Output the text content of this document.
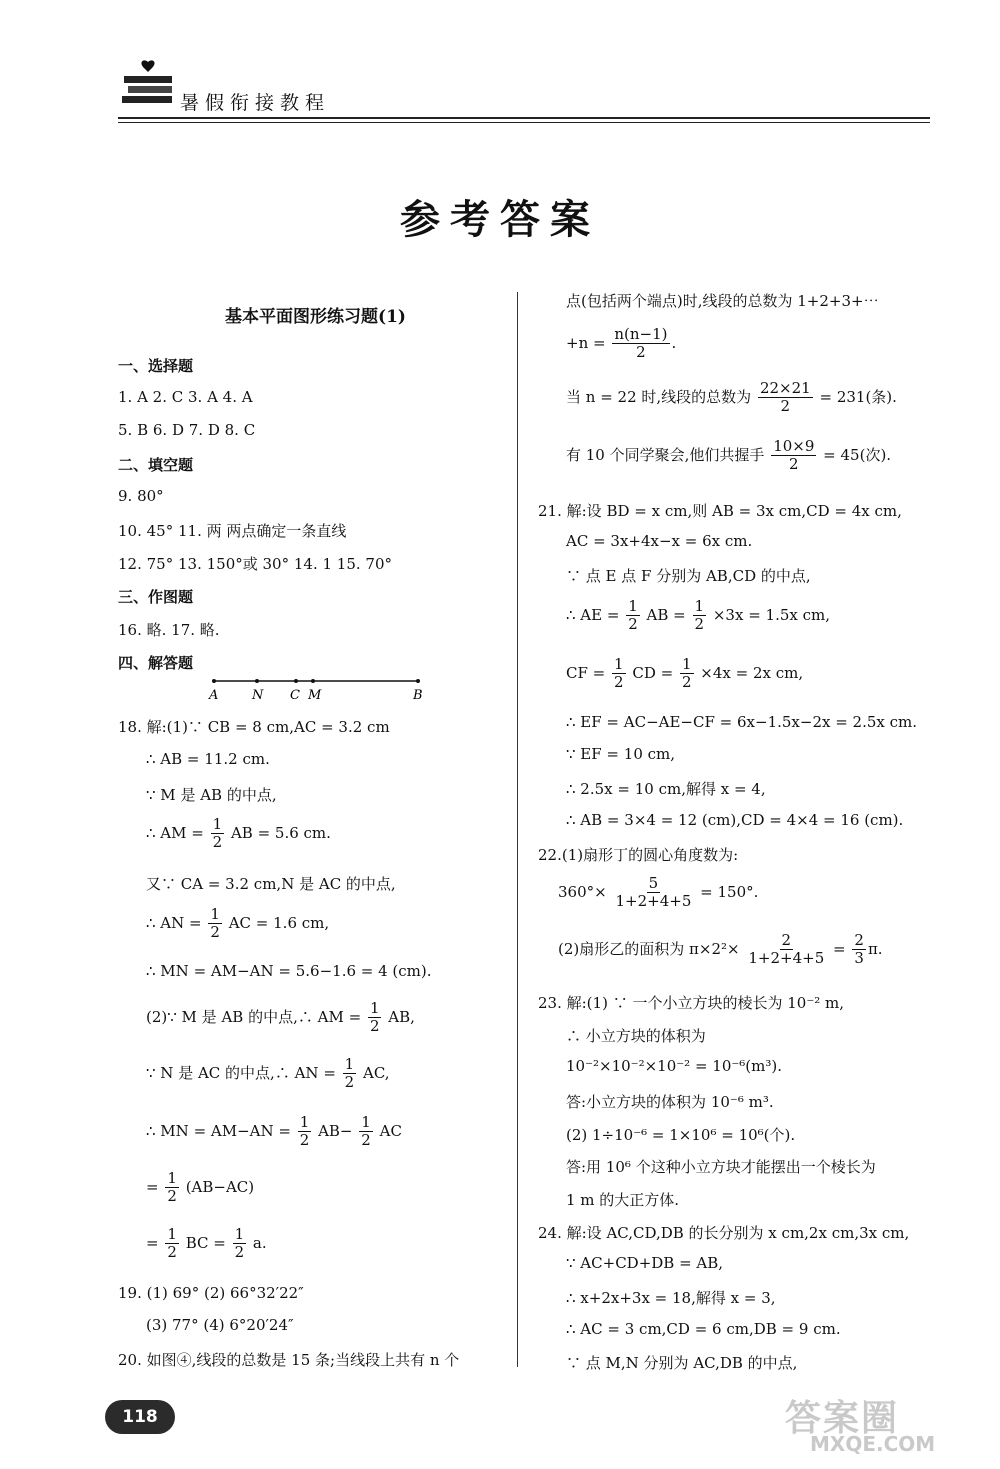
暑假衔接教程
参考答案
基本平面图形练习题(1)
一、选择题
1. A 2. C 3. A 4. A
5. B 6. D 7. D 8. C
二、填空题
9. 80°
10. 45° 11. 两 两点确定一条直线
12. 75° 13. 150°或 30° 14. 1 15. 70°
三、作图题
16. 略. 17. 略.
四、解答题
A	N C M	B
18. 解:(1)∵ CB = 8 cm,AC = 3.2 cm
∴ AB = 11.2 cm.
∵ M 是 AB 的中点,
∴ AM = $\frac{1}{2}$ AB = 5.6 cm.
又∵ CA = 3.2 cm,N 是 AC 的中点,
∴ AN = $\frac{1}{2}$ AC = 1.6 cm,
∴ MN = AM−AN = 5.6−1.6 = 4 (cm).
(2)∵ M 是 AB 的中点,∴ AM = $\frac{1}{2}$ AB,
∵ N 是 AC 的中点,∴ AN = $\frac{1}{2}$ AC,
∴ MN = $AM-AN = \frac{1}{2} AB- \frac{1}{2}$ AC
= $\frac{1}{2} (AB-AC)$
= $\frac{1}{2}$ BC = $\frac{1}{2} a$.
19. (1) 69° (2) 66°32′22″
(3) 77° (4) 6°20′24″
20. 如图④,线段的总数是 15 条;当线段上共有 n 个
点(包括两个端点)时,线段的总数为 1+2+3+⋯
$+n = \frac{n(n-1)}{2}$ .
当 n = 22 时,线段的总数为 $\frac{22\times 21}{2} = 231$(条).
有 10 个同学聚会,他们共握手 $\frac{10\times 9}{2} = 45$(次).
21. 解:设 BD = x cm,则 AB = 3x cm,CD = 4x cm,
AC = 3x+4x−x = 6x cm.
∵ 点 E 点 F 分别为 AB,CD 的中点,
∴ AE = $\frac{1}{2}$ AB = $\frac{1}{2} \times 3x = 1.5x$ cm,
CF = $\frac{1}{2}$ CD = $\frac{1}{2} \times 4x = 2x$ cm,
∴ EF = AC−AE−CF = 6x−1.5x−2x = 2.5x cm.
∵ EF = 10 cm,
∴ 2.5x = 10 cm,解得 x = 4,
∴ AB = 3×4 = 12 (cm),CD = 4×4 = 16 (cm).
22.(1)扇形丁的圆心角度数为:
$360^\circ\times \frac{5}{1+2+4+5} = 150^\circ$.
(2)扇形乙的面积为 $\pi\times 2^2\times \frac{2}{1+2+4+5} = \frac{2}{3} \pi$.
23. 解:(1) ∵ 一个小立方块的棱长为 10⁻² m,
∴ 小立方块的体积为
10⁻²×10⁻²×10⁻² = 10⁻⁶(m³).
答:小立方块的体积为 10⁻⁶ m³.
(2) 1÷10⁻⁶ = 1×10⁶ = 10⁶(个).
答:用 10⁶ 个这种小立方块才能摆出一个棱长为
1 m 的大正方体.
24. 解:设 AC,CD,DB 的长分别为 x cm,2x cm,3x cm,
∵ AC+CD+DB = AB,
∴ x+2x+3x = 18,解得 x = 3,
∴ AC = 3 cm,CD = 6 cm,DB = 9 cm.
∵ 点 M,N 分别为 AC,DB 的中点,
118	答案圈
MXQE.COM
